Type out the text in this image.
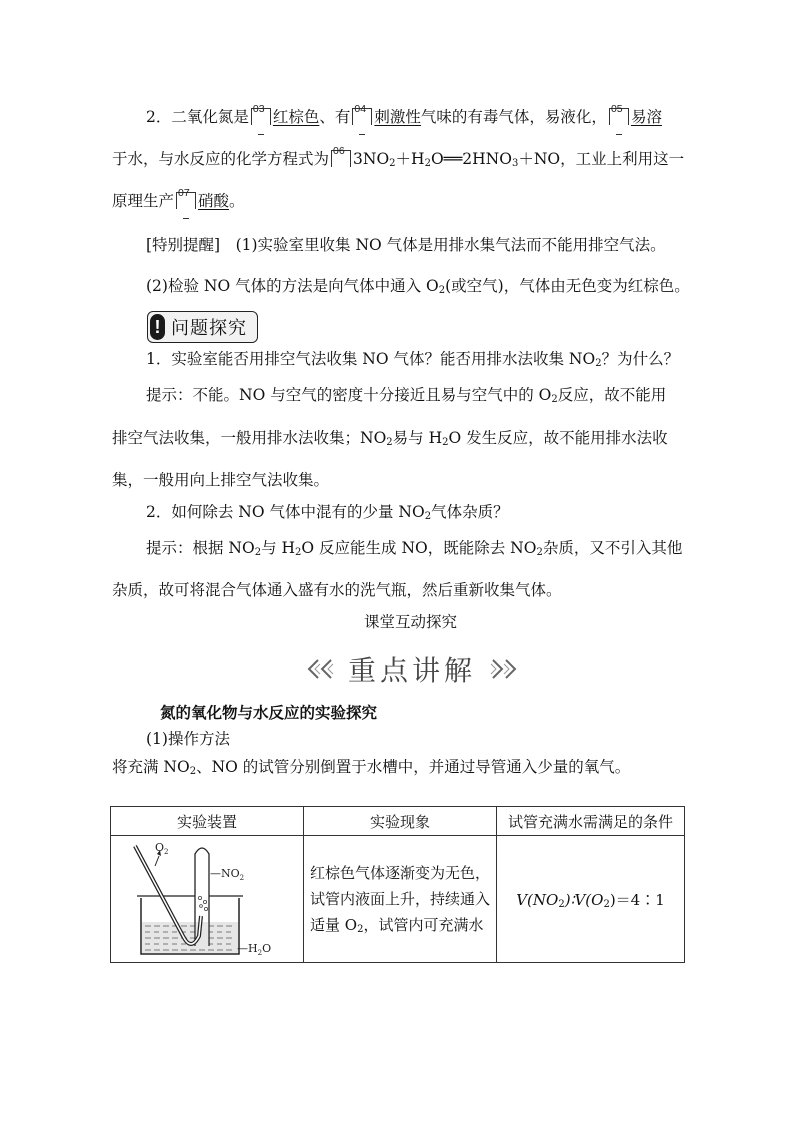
2．二氧化氮是 03 红棕色、有 04 刺激性气味的有毒气体，易液化， 05 易溶
于水，与水反应的化学方程式为 06 $3NO_2+H_2O══2HNO_3+NO$，工业上利用这一
原理生产 07 硝酸。
[特别提醒]　(1)实验室里收集 NO 气体是用排水集气法而不能用排空气法。
(2)检验 NO 气体的方法是向气体中通入 $O_2$(或空气)，气体由无色变为红棕色。
! 问题探究
1．实验室能否用排空气法收集 NO 气体？能否用排水法收集 $NO_2$？为什么？
提示：不能。NO 与空气的密度十分接近且易与空气中的 $O_2$反应，故不能用
排空气法收集，一般用排水法收集；$NO_2$易与 $H_2O$ 发生反应，故不能用排水法收
集，一般用向上排空气法收集。
2．如何除去 NO 气体中混有的少量 $NO_2$气体杂质？
提示：根据 $NO_2$与 $H_2O$ 反应能生成 NO，既能除去 $NO_2$杂质，又不引入其他
杂质，故可将混合气体通入盛有水的洗气瓶，然后重新收集气体。
课堂互动探究
重点讲解
氮的氧化物与水反应的实验探究
(1)操作方法
将充满 $NO_2$、NO 的试管分别倒置于水槽中，并通过导管通入少量的氧气。
实验装置	实验现象	试管充满水需满足的条件

$O_2$
$—NO_2$
$—H_2O$	红棕色气体逐渐变为无色，试管内液面上升，持续通入适量 $O_2$，试管内可充满水	$V(NO_2)∶V(O_2)=4∶1$
